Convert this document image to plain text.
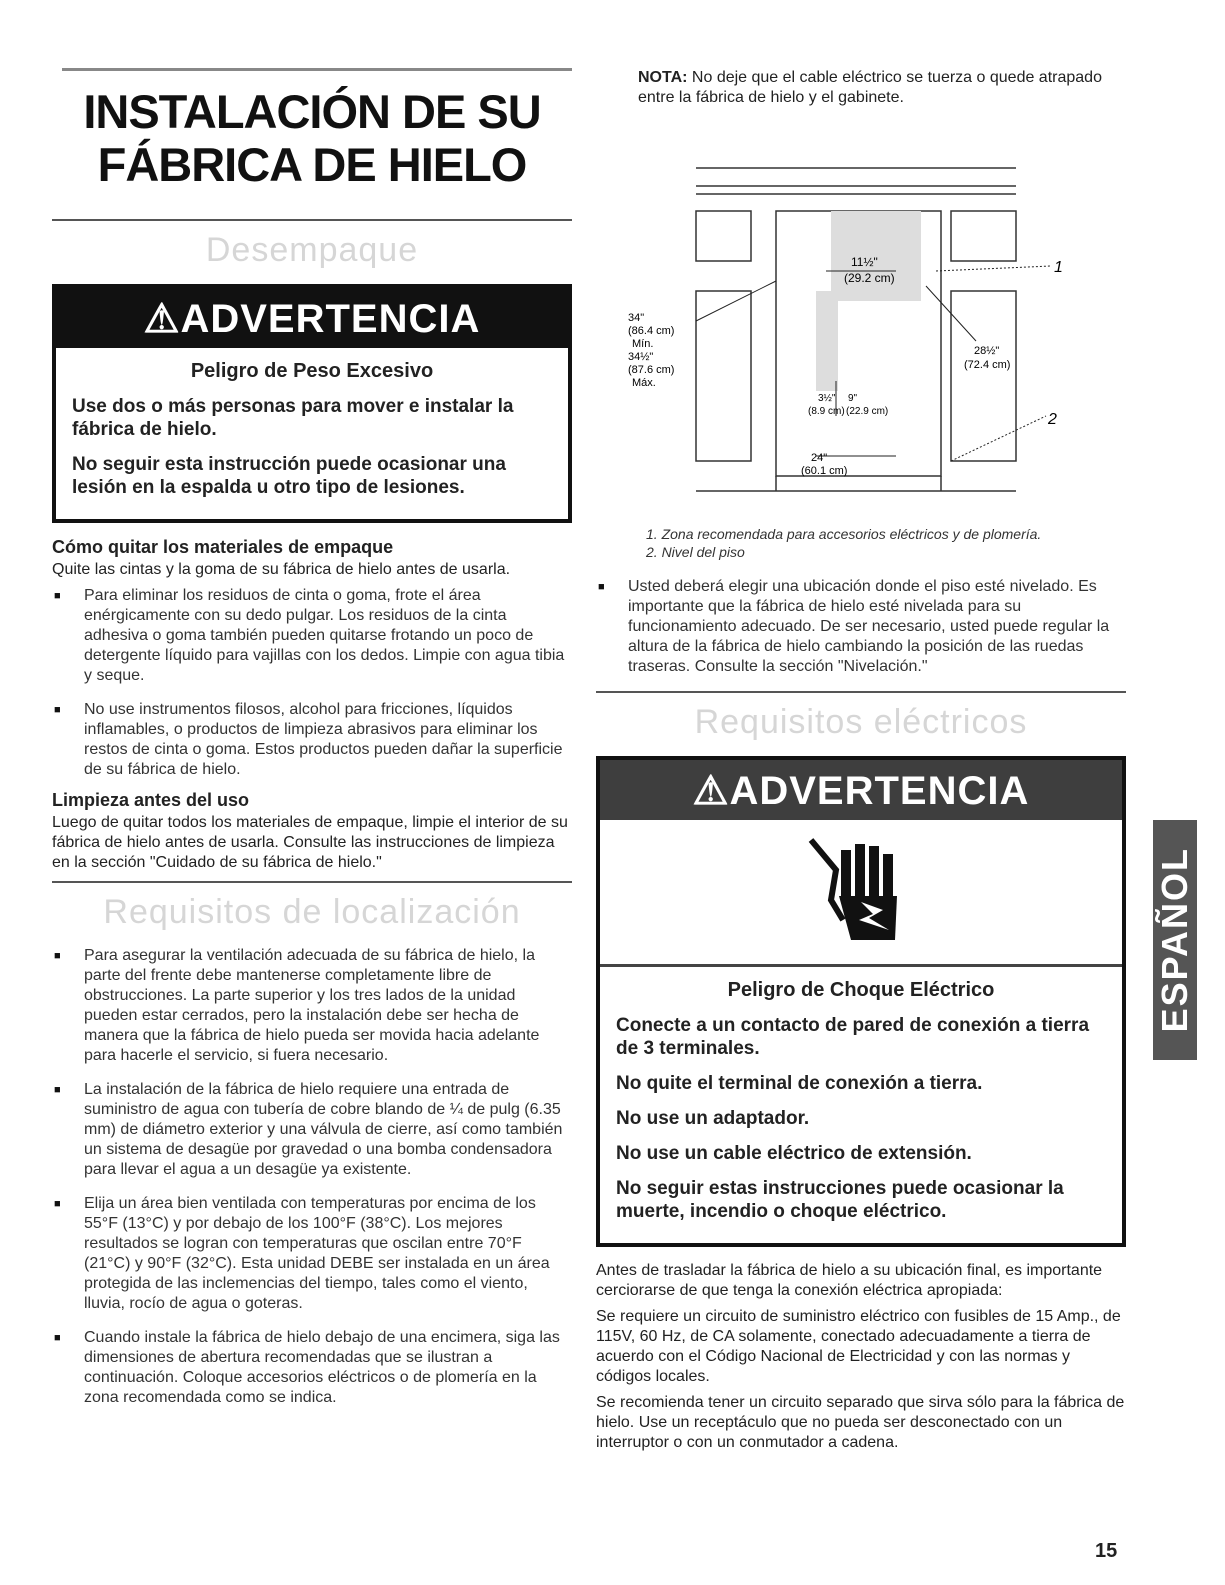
INSTALACIÓN DE SU
FÁBRICA DE HIELO
Desempaque
⚠ADVERTENCIA
Peligro de Peso Excesivo
Use dos o más personas para mover e instalar la fábrica de hielo.
No seguir esta instrucción puede ocasionar una lesión en la espalda u otro tipo de lesiones.
Cómo quitar los materiales de empaque

Quite las cintas y la goma de su fábrica de hielo antes de usarla.

■ Para eliminar los residuos de cinta o goma, frote el área enérgicamente con su dedo pulgar. Los residuos de la cinta adhesiva o goma también pueden quitarse frotando un poco de detergente líquido para vajillas con los dedos. Limpie con agua tibia y seque.
■ No use instrumentos filosos, alcohol para fricciones, líquidos inflamables, o productos de limpieza abrasivos para eliminar los restos de cinta o goma. Estos productos pueden dañar la superficie de su fábrica de hielo.
Limpieza antes del uso

Luego de quitar todos los materiales de empaque, limpie el interior de su fábrica de hielo antes de usarla. Consulte las instrucciones de limpieza en la sección "Cuidado de su fábrica de hielo."

Requisitos de localización
■ Para asegurar la ventilación adecuada de su fábrica de hielo, la parte del frente debe mantenerse completamente libre de obstrucciones. La parte superior y los tres lados de la unidad pueden estar cerrados, pero la instalación debe ser hecha de manera que la fábrica de hielo pueda ser movida hacia adelante para hacerle el servicio, si fuera necesario.
■ La instalación de la fábrica de hielo requiere una entrada de suministro de agua con tubería de cobre blando de ¼ de pulg (6.35 mm) de diámetro exterior y una válvula de cierre, así como también un sistema de desagüe por gravedad o una bomba condensadora para llevar el agua a un desagüe ya existente.
■ Elija un área bien ventilada con temperaturas por encima de los 55°F (13°C) y por debajo de los 100°F (38°C). Los mejores resultados se logran con temperaturas que oscilan entre 70°F (21°C) y 90°F (32°C). Esta unidad DEBE ser instalada en un área protegida de las inclemencias del tiempo, tales como el viento, lluvia, rocío de agua o goteras.
■ Cuando instale la fábrica de hielo debajo de una encimera, siga las dimensiones de abertura recomendadas que se ilustran a continuación. Coloque accesorios eléctricos o de plomería en la zona recomendada como se indica.

NOTA: No deje que el cable eléctrico se tuerza o quede atrapado entre la fábrica de hielo y el gabinete.

34"
(86.4 cm)
Mín.
34½"
(87.6 cm)
Máx.
11½"
(29.2 cm)
3½"
(8.9 cm)
9"
(22.9 cm)
28½"
(72.4 cm)
24"
(60.1 cm)
1
2
1. Zona recomendada para accesorios eléctricos y de plomería.
2. Nivel del piso
■ Usted deberá elegir una ubicación donde el piso esté nivelado. Es importante que la fábrica de hielo esté nivelada para su funcionamiento adecuado. De ser necesario, usted puede regular la altura de la fábrica de hielo cambiando la posición de las ruedas traseras. Consulte la sección "Nivelación."
Requisitos eléctricos
⚠ADVERTENCIA
Peligro de Choque Eléctrico
Conecte a un contacto de pared de conexión a tierra de 3 terminales.
No quite el terminal de conexión a tierra.
No use un adaptador.
No use un cable eléctrico de extensión.
No seguir estas instrucciones puede ocasionar la muerte, incendio o choque eléctrico.

Antes de trasladar la fábrica de hielo a su ubicación final, es importante cerciorarse de que tenga la conexión eléctrica apropiada:

Se requiere un circuito de suministro eléctrico con fusibles de 15 Amp., de 115V, 60 Hz, de CA solamente, conectado adecuadamente a tierra de acuerdo con el Código Nacional de Electricidad y con las normas y códigos locales.

Se recomienda tener un circuito separado que sirva sólo para la fábrica de hielo. Use un receptáculo que no pueda ser desconectado con un interruptor o con un conmutador a cadena.

ESPAÑOL
15
